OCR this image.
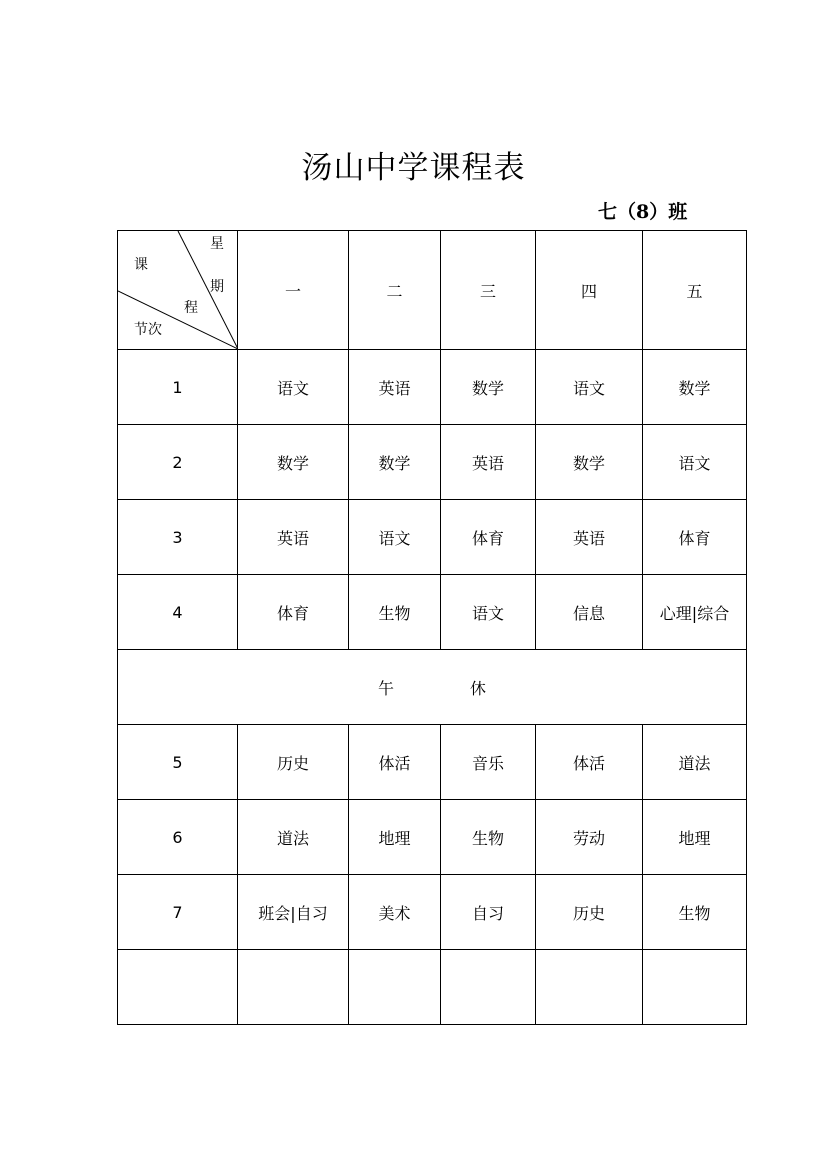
汤山中学课程表
七（8）班
星
课
期
程
节次	一	二	三	四	五
1	语文	英语	数学	语文	数学
2	数学	数学	英语	数学	语文
3	英语	语文	体育	英语	体育
4	体育	生物	语文	信息	心理|综合
午 休					
5	历史	体活	音乐	体活	道法
6	道法	地理	生物	劳动	地理
7	班会|自习	美术	自习	历史	生物
